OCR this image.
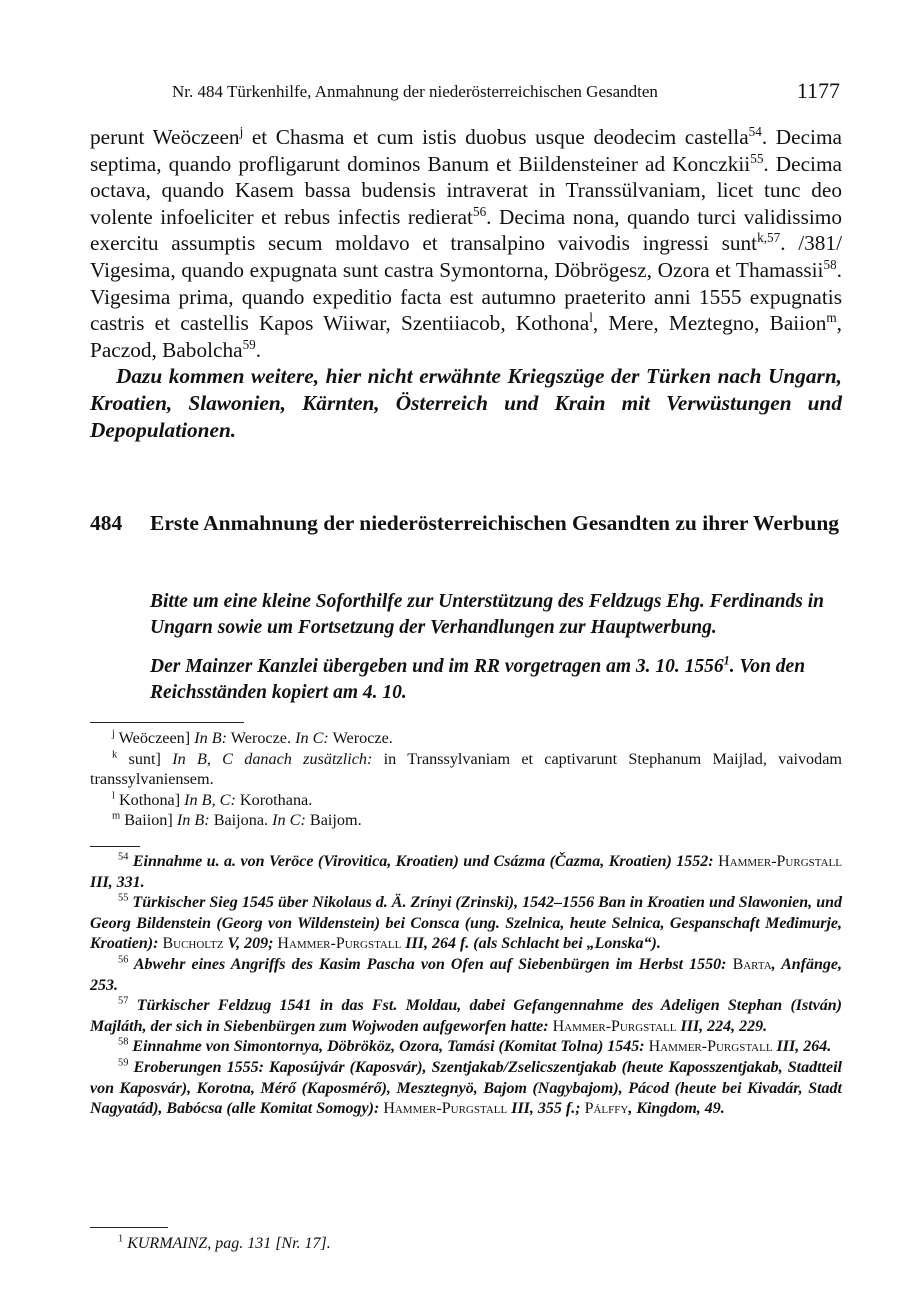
Nr. 484 Türkenhilfe, Anmahnung der niederösterreichischen Gesandten	1177

perunt Weöczeen$^j$ et Chasma et cum istis duobus usque deodecim castella$^{54}$. Decima septima, quando profligarunt dominos Banum et Biildensteiner ad Konczkii$^{55}$. Decima octava, quando Kasem bassa budensis intraverat in Transsülvaniam, licet tunc deo volente infoeliciter et rebus infectis redierat$^{56}$. Decima nona, quando turci validissimo exercitu assumptis secum moldavo et transalpino vaivodis ingressi sunt$^{k,57}$. /381/ Vigesima, quando expugnata sunt castra Symontorna, Döbrögesz, Ozora et Thamassii$^{58}$. Vigesima prima, quando expeditio facta est autumno praeterito anni 1555 expugnatis castris et castellis Kapos Wiiwar, Szentiiacob, Kothona$^l$, Mere, Meztegno, Baiion$^m$, Paczod, Babolcha$^{59}$.

Dazu kommen weitere, hier nicht erwähnte Kriegszüge der Türken nach Ungarn, Kroatien, Slawonien, Kärnten, Österreich und Krain mit Verwüstungen und Depopulationen.

484 Erste Anmahnung der niederösterreichischen Gesandten zu ihrer Werbung

Bitte um eine kleine Soforthilfe zur Unterstützung des Feldzugs Ehg. Ferdinands in Ungarn sowie um Fortsetzung der Verhandlungen zur Hauptwerbung.

Der Mainzer Kanzlei übergeben und im RR vorgetragen am 3. 10. 1556$^1$. Von den Reichsständen kopiert am 4. 10.

$^j$ Weöczeen] In B: Werocze. In C: Werocze.

$^k$ sunt] In B, C danach zusätzlich: in Transsylvaniam et captivarunt Stephanum Maijlad, vaivodam transsylvaniensem.

$^l$ Kothona] In B, C: Korothana.

$^m$ Baiion] In B: Baijona. In C: Baijom.

$^{54}$ Einnahme u. a. von Veröce (Virovitica, Kroatien) und Csázma (Čazma, Kroatien) 1552: Hammer-Purgstall III, 331.

$^{55}$ Türkischer Sieg 1545 über Nikolaus d. Ä. Zrínyi (Zrinski), 1542–1556 Ban in Kroatien und Slawonien, und Georg Bildenstein (Georg von Wildenstein) bei Consca (ung. Szelnica, heute Selnica, Gespanschaft Međimurje, Kroatien): Bucholtz V, 209; Hammer-Purgstall III, 264 f. (als Schlacht bei „Lonska“).

$^{56}$ Abwehr eines Angriffs des Kasim Pascha von Ofen auf Siebenbürgen im Herbst 1550: Barta, Anfänge, 253.

$^{57}$ Türkischer Feldzug 1541 in das Fst. Moldau, dabei Gefangennahme des Adeligen Stephan (István) Majláth, der sich in Siebenbürgen zum Wojwoden aufgeworfen hatte: Hammer-Purgstall III, 224, 229.

$^{58}$ Einnahme von Simontornya, Döbrököz, Ozora, Tamási (Komitat Tolna) 1545: Hammer-Purgstall III, 264.

$^{59}$ Eroberungen 1555: Kaposújvár (Kaposvár), Szentjakab/Zselicszentjakab (heute Kaposszentjakab, Stadtteil von Kaposvár), Korotna, Mérő (Kaposmérő), Mesztegnyö, Bajom (Nagybajom), Pácod (heute bei Kivadár, Stadt Nagyatád), Babócsa (alle Komitat Somogy): Hammer-Purgstall III, 355 f.; Pálffy, Kingdom, 49.

$^1$ KURMAINZ, pag. 131 [Nr. 17].
